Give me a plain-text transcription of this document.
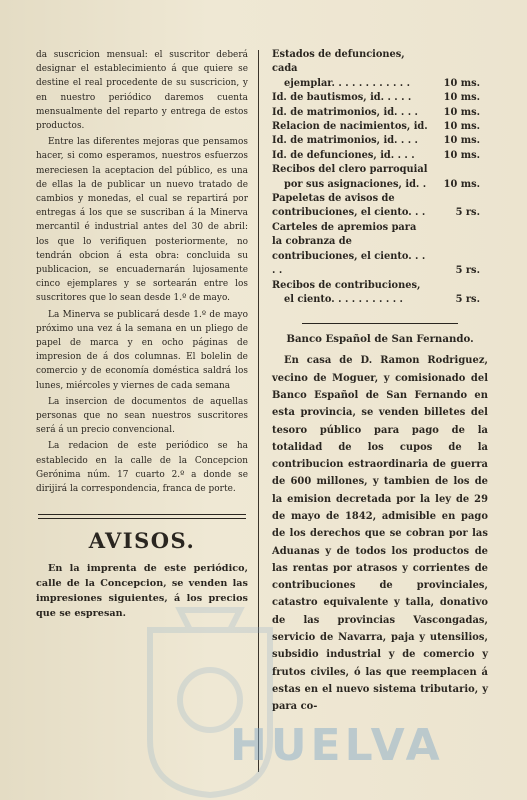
da suscricion mensual: el suscritor deberá designar el establecimiento á que quiere se destine el real procedente de su suscricion, y en nuestro periódico daremos cuenta mensualmente del reparto y entrega de estos productos.

Entre las diferentes mejoras que pensamos hacer, si como esperamos, nuestros esfuerzos mereciesen la aceptacion del público, es una de ellas la de publicar un nuevo tratado de cambios y monedas, el cual se repartirá por entregas á los que se suscriban á la Minerva mercantil é industrial antes del 30 de abril: los que lo verifiquen posteriormente, no tendrán obcion á esta obra: concluida su publicacion, se encuadernarán lujosamente cinco ejemplares y se sortearán entre los suscritores que lo sean desde 1.º de mayo.

La Minerva se publicará desde 1.º de mayo próximo una vez á la semana en un pliego de papel de marca y en ocho páginas de impresion de á dos columnas. El bolelin de comercio y de economía doméstica saldrá los lunes, miércoles y viernes de cada semana

La insercion de documentos de aquellas personas que no sean nuestros suscritores será á un precio convencional.

La redacion de este periódico se ha establecido en la calle de la Concepcion Gerónima núm. 17 cuarto 2.º a donde se dirijirá la correspondencia, franca de porte.

AVISOS.

En la imprenta de este periódico, calle de la Concepcion, se venden las impresiones siguientes, á los precios que se espresan.

Estados de defunciones, cada
ejemplar. . . . . . . . . . . .	10 ms.
Id. de bautismos, id. . . . .	10 ms.
Id. de matrimonios, id. . . .	10 ms.
Relacion de nacimientos, id.	10 ms.
Id. de matrimonios, id. . . .	10 ms.
Id. de defunciones, id. . . .	10 ms.
Recibos del clero parroquial
por sus asignaciones, id. .	10 ms.
Papeletas de avisos de contribuciones, el ciento. . .	5 rs.
Carteles de apremios para la cobranza de contribuciones, el ciento. . . . .	5 rs.
Recibos de contribuciones,
el ciento. . . . . . . . . . .	5 rs.
Banco Español de San Fernando.

En casa de D. Ramon Rodriguez, vecino de Moguer, y comisionado del Banco Español de San Fernando en esta provincia, se venden billetes del tesoro público para pago de la totalidad de los cupos de la contribucion estraordinaria de guerra de 600 millones, y tambien de los de la emision decretada por la ley de 29 de mayo de 1842, admisible en pago de los derechos que se cobran por las Aduanas y de todos los productos de las rentas por atrasos y corrientes de contribuciones de provinciales, catastro equivalente y talla, donativo de las provincias Vascongadas, servicio de Navarra, paja y utensilios, subsidio industrial y de comercio y frutos civiles, ó las que reemplacen á estas en el nuevo sistema tributario, y para co-

HUELVA
